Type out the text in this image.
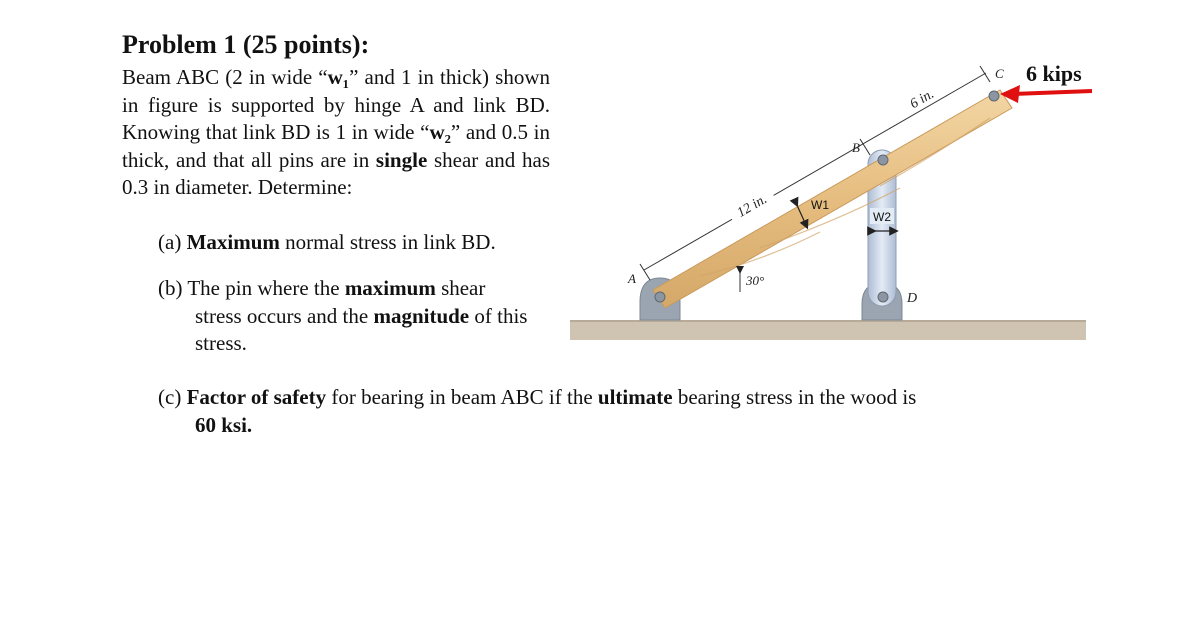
Problem 1 (25 points):

Beam ABC (2 in wide “w₁” and 1 in thick) shown in figure is supported by hinge A and link BD. Knowing that link BD is 1 in wide “w₂” and 0.5 in thick, and that all pins are in single shear and has 0.3 in diameter. Determine:

(a) Maximum normal stress in link BD.

(b) The pin where the maximum shear
stress occurs and the magnitude of this stress.

(c) Factor of safety for bearing in beam ABC if the ultimate bearing stress in the wood is
60 ksi.

12 in.
6 in.
A
B
C
D
30°
W1
W2
6 kips
